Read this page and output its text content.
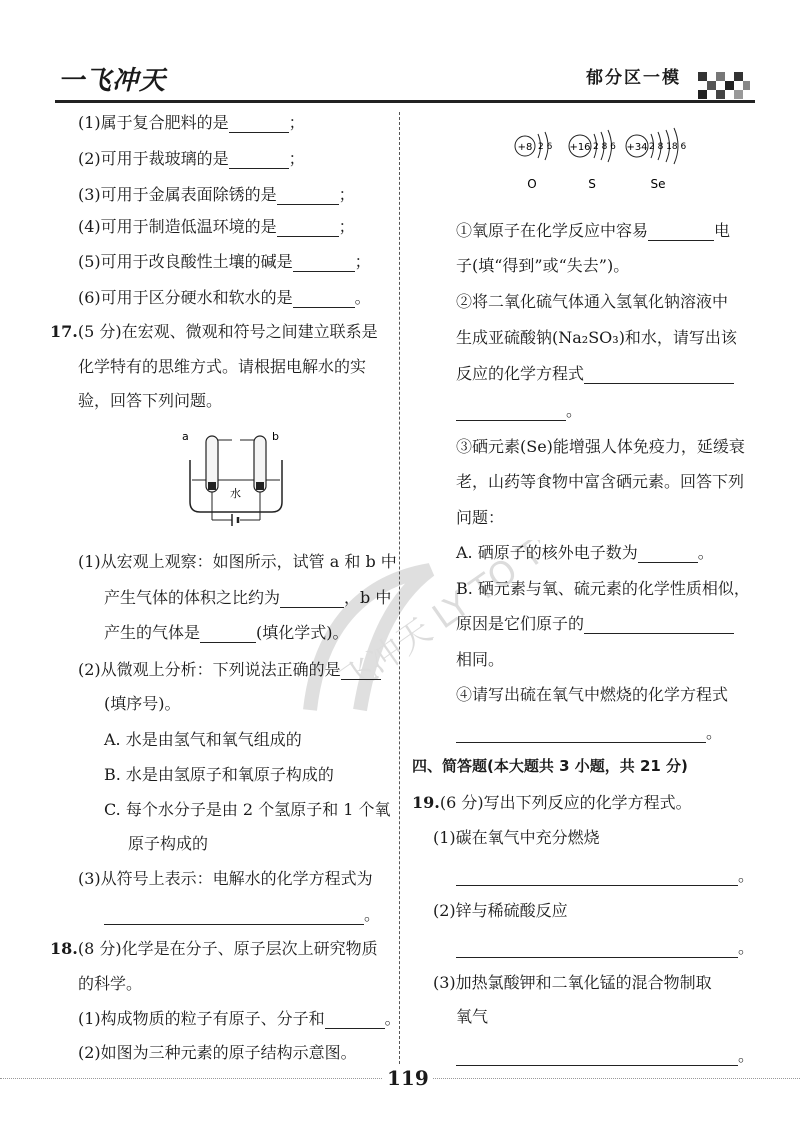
一飞冲天	郁分区一模
飞冲天 LY TO THE
(1)属于复合肥料的是	；
(2)可用于裁玻璃的是	；
(3)可用于金属表面除锈的是	；
(4)可用于制造低温环境的是	；
(5)可用于改良酸性土壤的碱是	；
(6)可用于区分硬水和软水的是	。
17.(5 分)在宏观、微观和符号之间建立联系是
化学特有的思维方式。请根据电解水的实
验，回答下列问题。
a	b
水
(1)从宏观上观察：如图所示，试管 a 和 b 中
产生气体的体积之比约为	，b 中
产生的气体是	(填化学式)。
(2)从微观上分析：下列说法正确的是
(填序号)。
A. 水是由氢气和氧气组成的
B. 水是由氢原子和氧原子构成的
C. 每个水分子是由 2 个氢原子和 1 个氧
原子构成的
(3)从符号上表示：电解水的化学方程式为
。
18.(8 分)化学是在分子、原子层次上研究物质
的科学。
(1)构成物质的粒子有原子、分子和	。
(2)如图为三种元素的原子结构示意图。
+8 2 6
O
+16 2 8 6
S
+34 2 8 18 6
Se
①氧原子在化学反应中容易	电
子(填“得到”或“失去”)。
②将二氧化硫气体通入氢氧化钠溶液中
生成亚硫酸钠(Na₂SO₃)和水，请写出该
反应的化学方程式
。
③硒元素(Se)能增强人体免疫力，延缓衰
老，山药等食物中富含硒元素。回答下列
问题：
A. 硒原子的核外电子数为	。
B. 硒元素与氧、硫元素的化学性质相似，
原因是它们原子的
相同。
④请写出硫在氧气中燃烧的化学方程式
。
四、简答题(本大题共 3 小题，共 21 分)
19.(6 分)写出下列反应的化学方程式。
(1)碳在氧气中充分燃烧
。
(2)锌与稀硫酸反应
。
(3)加热氯酸钾和二氧化锰的混合物制取
氧气
。
119
